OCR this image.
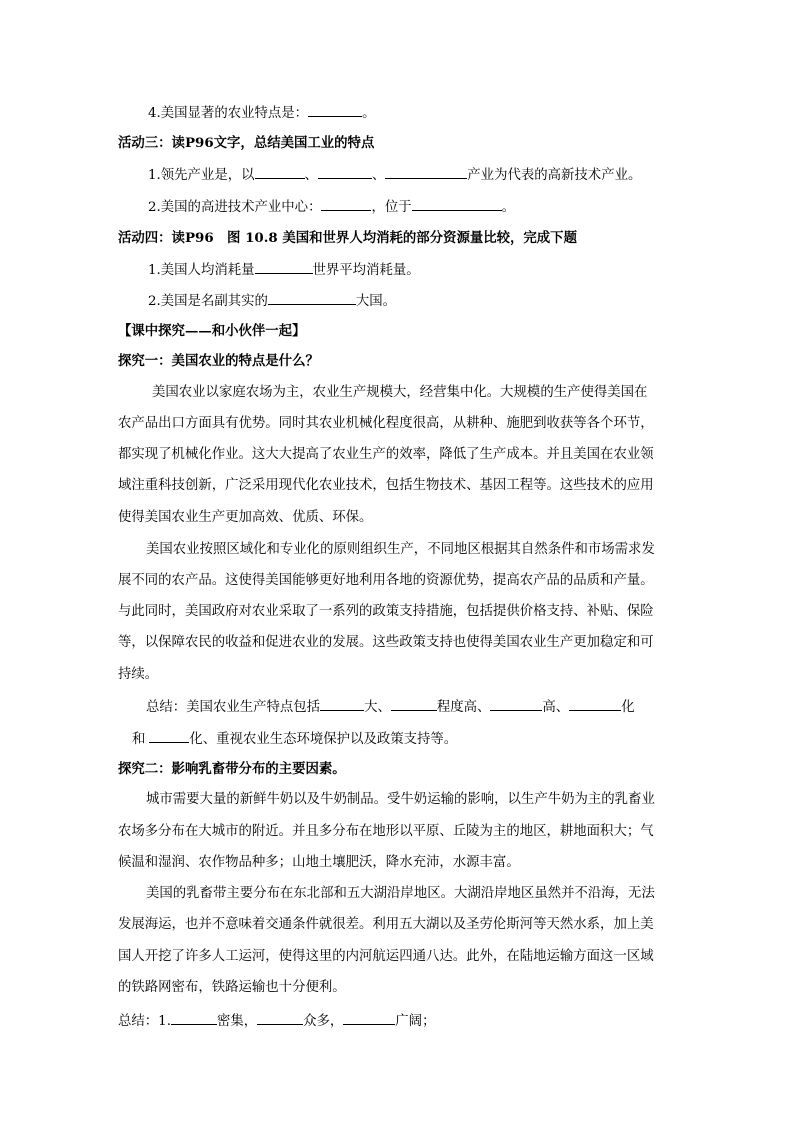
4.美国显著的农业特点是：	。
活动三：读P96文字，总结美国工业的特点
1.领先产业是，以	、	、	产业为代表的高新技术产业。
2.美国的高进技术产业中心：	，位于	。
活动四：读P96　图 10.8 美国和世界人均消耗的部分资源量比较，完成下题
1.美国人均消耗量	世界平均消耗量。
2.美国是名副其实的	大国。
【课中探究——和小伙伴一起】
探究一：美国农业的特点是什么？
美国农业以家庭农场为主，农业生产规模大，经营集中化。大规模的生产使得美国在
农产品出口方面具有优势。同时其农业机械化程度很高，从耕种、施肥到收获等各个环节，
都实现了机械化作业。这大大提高了农业生产的效率，降低了生产成本。并且美国在农业领
域注重科技创新，广泛采用现代化农业技术，包括生物技术、基因工程等。这些技术的应用
使得美国农业生产更加高效、优质、环保。
美国农业按照区域化和专业化的原则组织生产，不同地区根据其自然条件和市场需求发
展不同的农产品。这使得美国能够更好地利用各地的资源优势，提高农产品的品质和产量。
与此同时，美国政府对农业采取了一系列的政策支持措施，包括提供价格支持、补贴、保险
等，以保障农民的收益和促进农业的发展。这些政策支持也使得美国农业生产更加稳定和可
持续。
总结：美国农业生产特点包括	大、	程度高、	高、	化
和	化、重视农业生态环境保护以及政策支持等。
探究二：影响乳畜带分布的主要因素。
城市需要大量的新鲜牛奶以及牛奶制品。受牛奶运输的影响，以生产牛奶为主的乳畜业
农场多分布在大城市的附近。并且多分布在地形以平原、丘陵为主的地区，耕地面积大；气
候温和湿润、农作物品种多；山地土壤肥沃，降水充沛，水源丰富。
美国的乳畜带主要分布在东北部和五大湖沿岸地区。大湖沿岸地区虽然并不沿海，无法
发展海运，也并不意味着交通条件就很差。利用五大湖以及圣劳伦斯河等天然水系，加上美
国人开挖了许多人工运河，使得这里的内河航运四通八达。此外，在陆地运输方面这一区域
的铁路网密布，铁路运输也十分便利。
总结：1.	密集，	众多，	广阔；
